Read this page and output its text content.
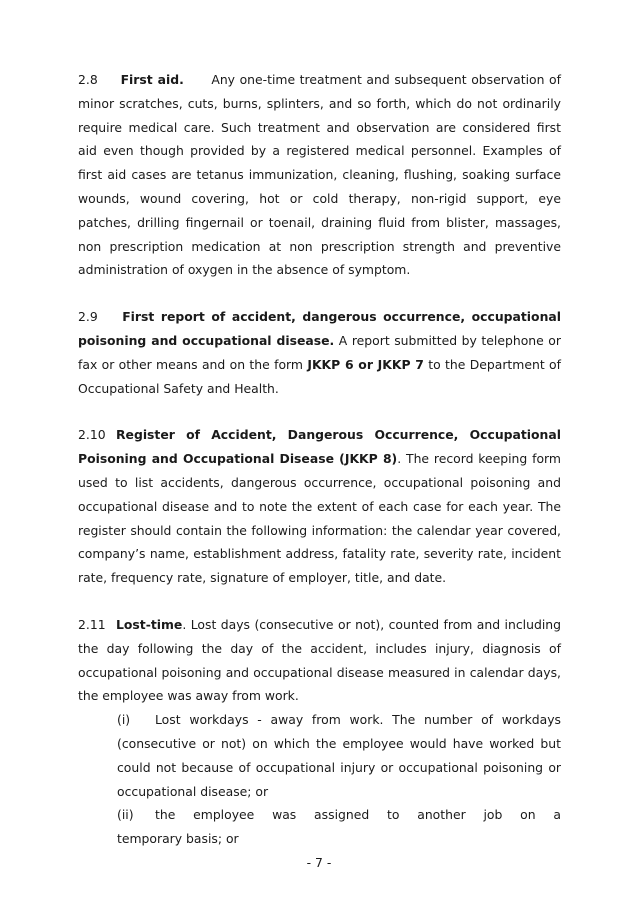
2.8 First aid. Any one-time treatment and subsequent observation of minor scratches, cuts, burns, splinters, and so forth, which do not ordinarily require medical care. Such treatment and observation are considered first aid even though provided by a registered medical personnel. Examples of first aid cases are tetanus immunization, cleaning, flushing, soaking surface wounds, wound covering, hot or cold therapy, non-rigid support, eye patches, drilling fingernail or toenail, draining fluid from blister, massages, non prescription medication at non prescription strength and preventive administration of oxygen in the absence of symptom.

2.9 First report of accident, dangerous occurrence, occupational poisoning and occupational disease. A report submitted by telephone or fax or other means and on the form JKKP 6 or JKKP 7 to the Department of Occupational Safety and Health.

2.10 Register of Accident, Dangerous Occurrence, Occupational Poisoning and Occupational Disease (JKKP 8). The record keeping form used to list accidents, dangerous occurrence, occupational poisoning and occupational disease and to note the extent of each case for each year. The register should contain the following information: the calendar year covered, company’s name, establishment address, fatality rate, severity rate, incident rate, frequency rate, signature of employer, title, and date.

2.11 Lost-time. Lost days (consecutive or not), counted from and including the day following the day of the accident, includes injury, diagnosis of occupational poisoning and occupational disease measured in calendar days, the employee was away from work.

(i) Lost workdays - away from work. The number of workdays (consecutive or not) on which the employee would have worked but could not because of occupational injury or occupational poisoning or occupational disease; or

(ii) the employee was assigned to another job on a
temporary basis; or
- 7 -
